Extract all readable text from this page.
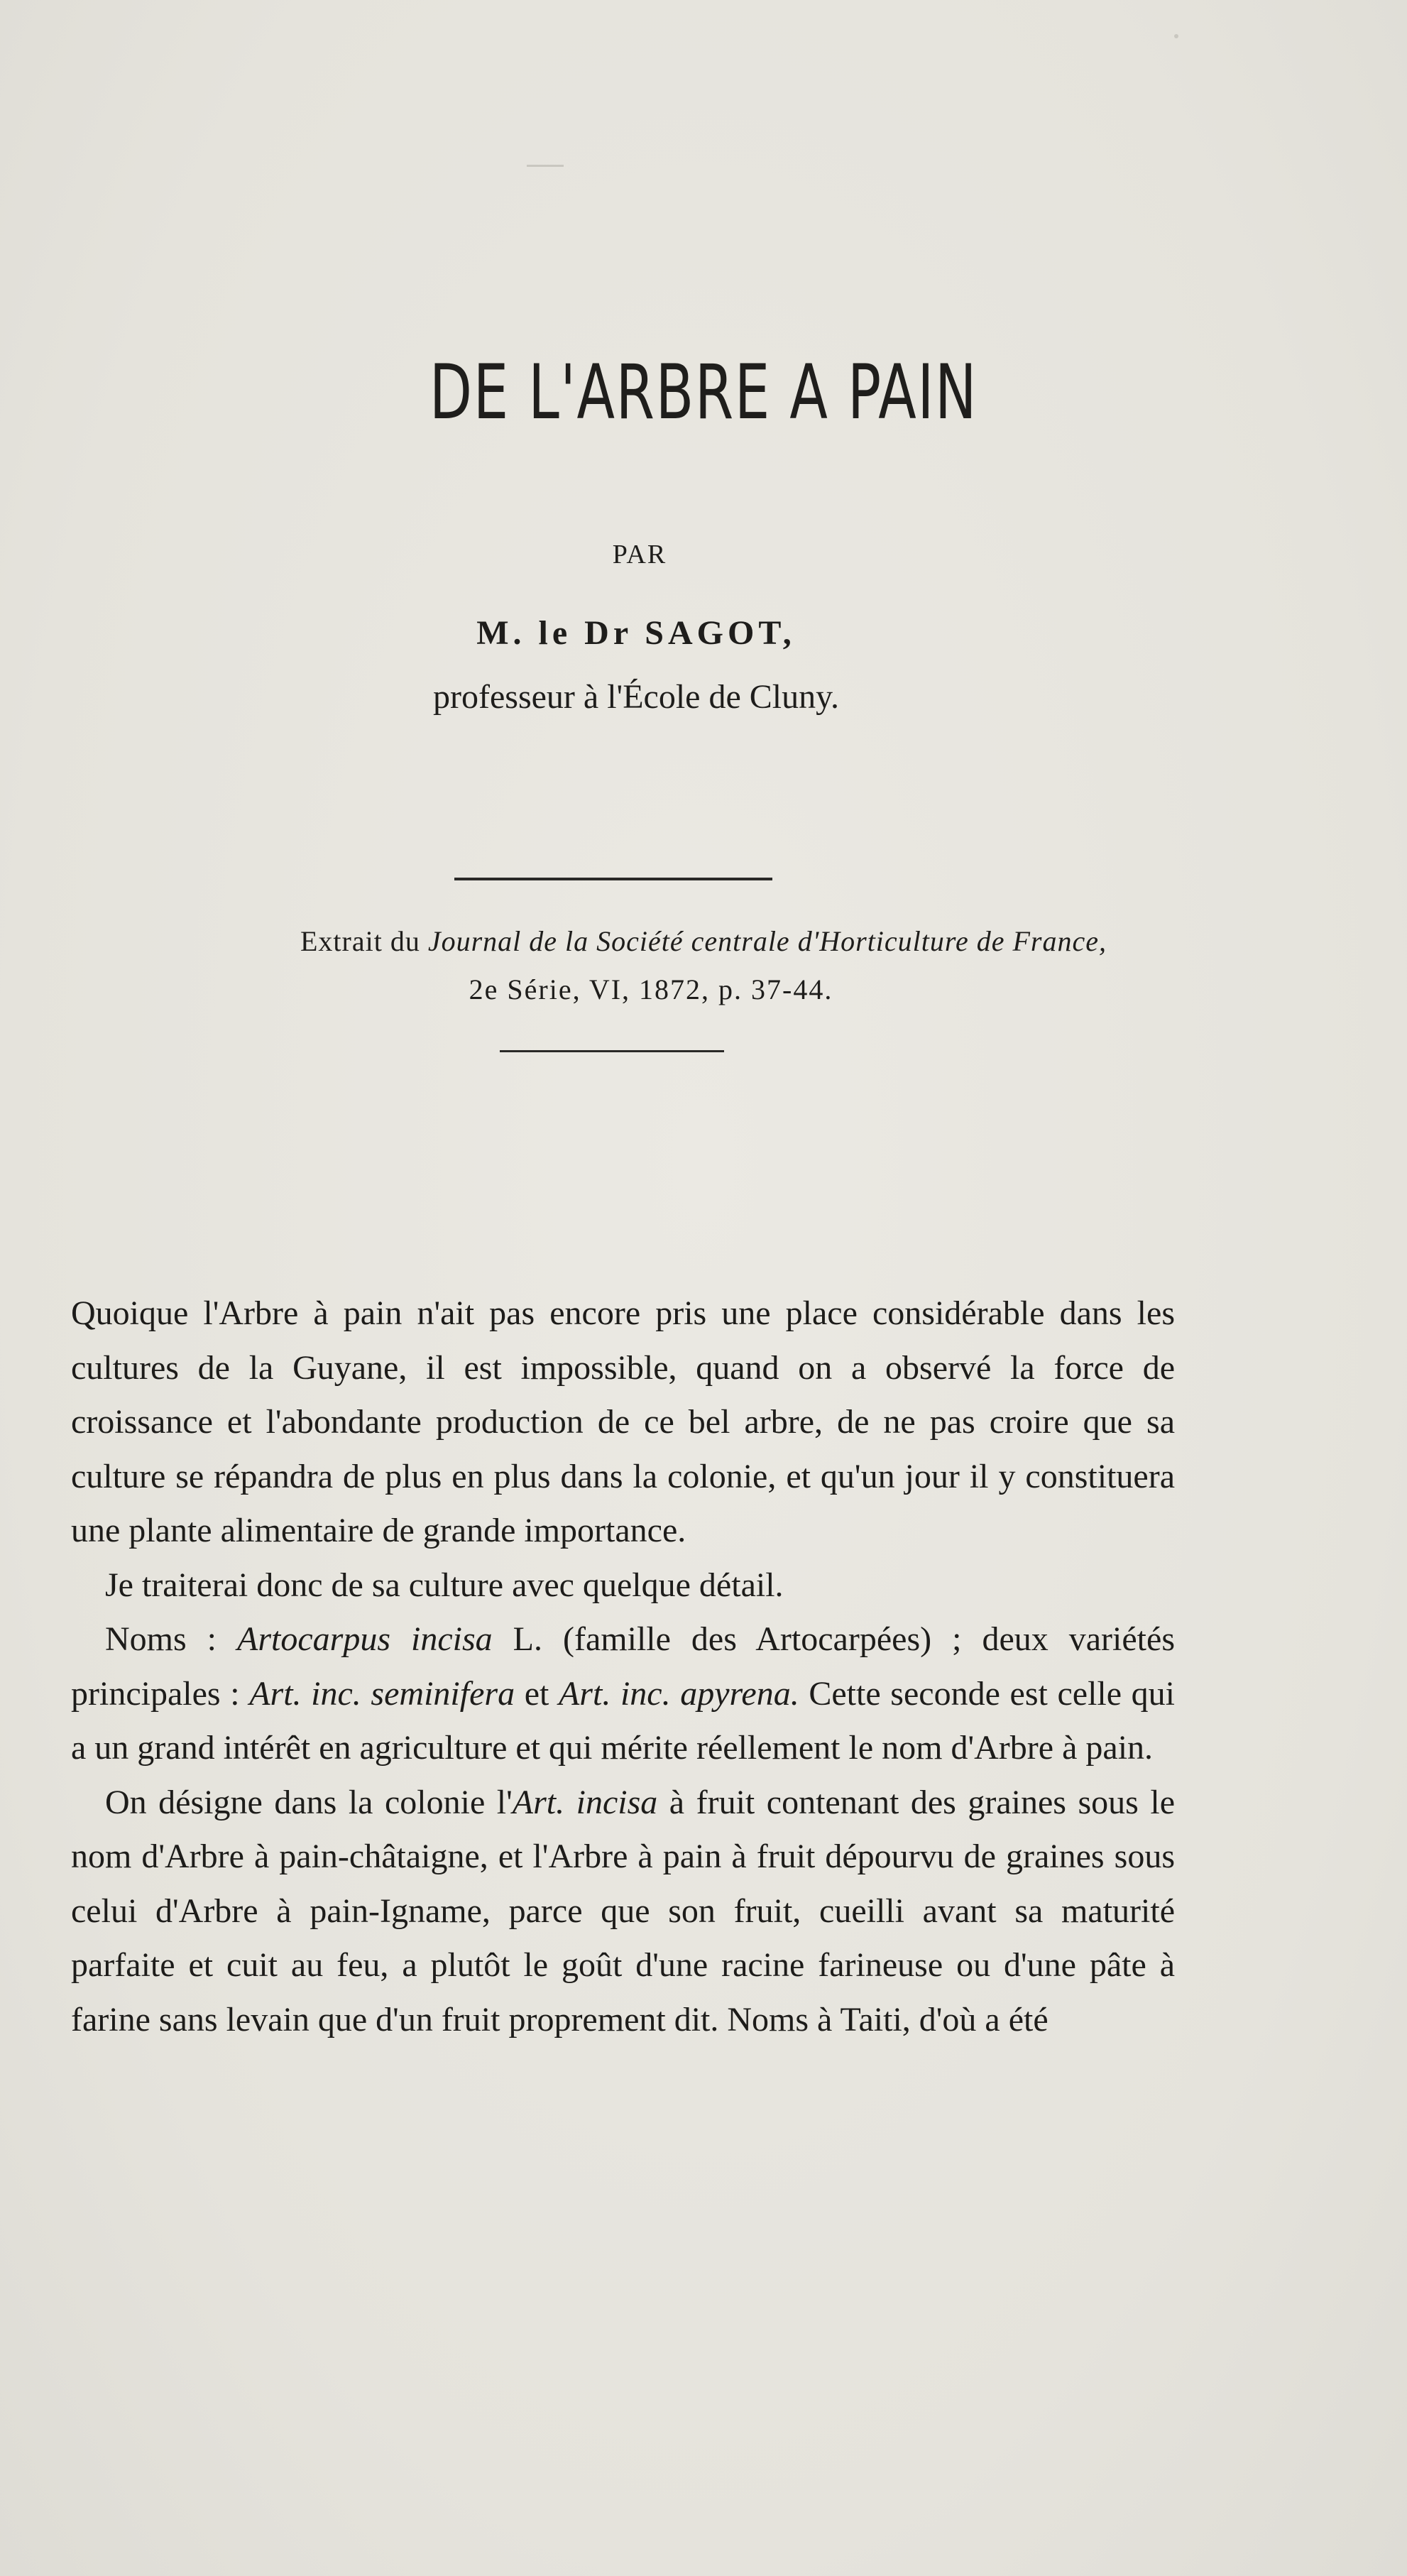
DE L'ARBRE A PAIN
PAR
M. le Dr SAGOT,
professeur à l'École de Cluny.
Extrait du Journal de la Société centrale d'Horticulture de France,
2e Série, VI, 1872, p. 37-44.

Quoique l'Arbre à pain n'ait pas encore pris une place considérable dans les cultures de la Guyane, il est impossible, quand on a observé la force de croissance et l'abondante production de ce bel arbre, de ne pas croire que sa culture se répandra de plus en plus dans la colonie, et qu'un jour il y constituera une plante alimentaire de grande importance.

Je traiterai donc de sa culture avec quelque détail.

Noms : Artocarpus incisa L. (famille des Artocarpées) ; deux variétés principales : Art. inc. seminifera et Art. inc. apyrena. Cette seconde est celle qui a un grand intérêt en agriculture et qui mérite réellement le nom d'Arbre à pain.

On désigne dans la colonie l'Art. incisa à fruit contenant des graines sous le nom d'Arbre à pain-châtaigne, et l'Arbre à pain à fruit dépourvu de graines sous celui d'Arbre à pain-Igname, parce que son fruit, cueilli avant sa maturité parfaite et cuit au feu, a plutôt le goût d'une racine farineuse ou d'une pâte à farine sans levain que d'un fruit proprement dit. Noms à Taiti, d'où a été
